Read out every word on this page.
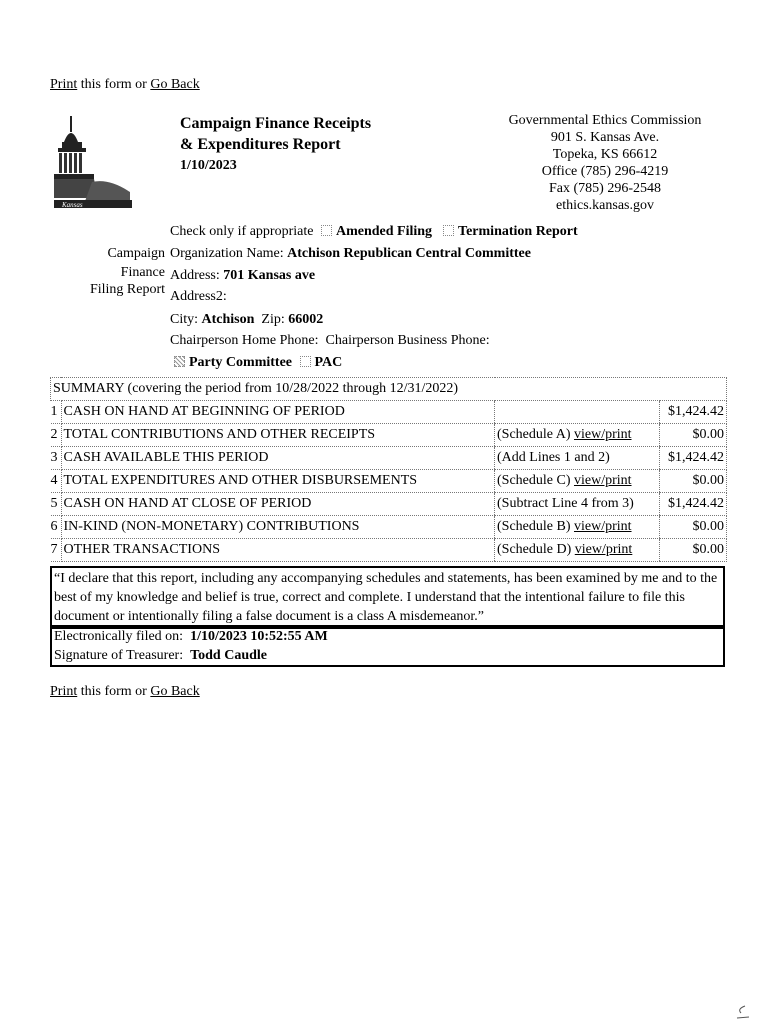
Print this form or Go Back
Kansas
Campaign Finance Receipts
& Expenditures Report
1/10/2023
Governmental Ethics Commission
901 S. Kansas Ave.
Topeka, KS 66612
Office (785) 296-4219
Fax (785) 296-2548
ethics.kansas.gov
Check only if appropriate Amended Filing Termination Report
Campaign
Finance
Filing Report
Organization Name: Atchison Republican Central Committee
Address: 701 Kansas ave
Address2:
City: Atchison Zip: 66002
Chairperson Home Phone: Chairperson Business Phone:
Party Committee PAC
SUMMARY (covering the period from 10/28/2022 through 12/31/2022)			
1	CASH ON HAND AT BEGINNING OF PERIOD		$1,424.42
2	TOTAL CONTRIBUTIONS AND OTHER RECEIPTS	(Schedule A) view/print	$0.00
3	CASH AVAILABLE THIS PERIOD	(Add Lines 1 and 2)	$1,424.42
4	TOTAL EXPENDITURES AND OTHER DISBURSEMENTS	(Schedule C) view/print	$0.00
5	CASH ON HAND AT CLOSE OF PERIOD	(Subtract Line 4 from 3)	$1,424.42
6	IN-KIND (NON-MONETARY) CONTRIBUTIONS	(Schedule B) view/print	$0.00
7	OTHER TRANSACTIONS	(Schedule D) view/print	$0.00
“I declare that this report, including any accompanying schedules and statements, has been examined by me and to the best of my knowledge and belief is true, correct and complete. I understand that the intentional failure to file this document or intentionally filing a false document is a class A misdemeanor.”
Electronically filed on: 1/10/2023 10:52:55 AM
Signature of Treasurer: Todd Caudle
Print this form or Go Back
